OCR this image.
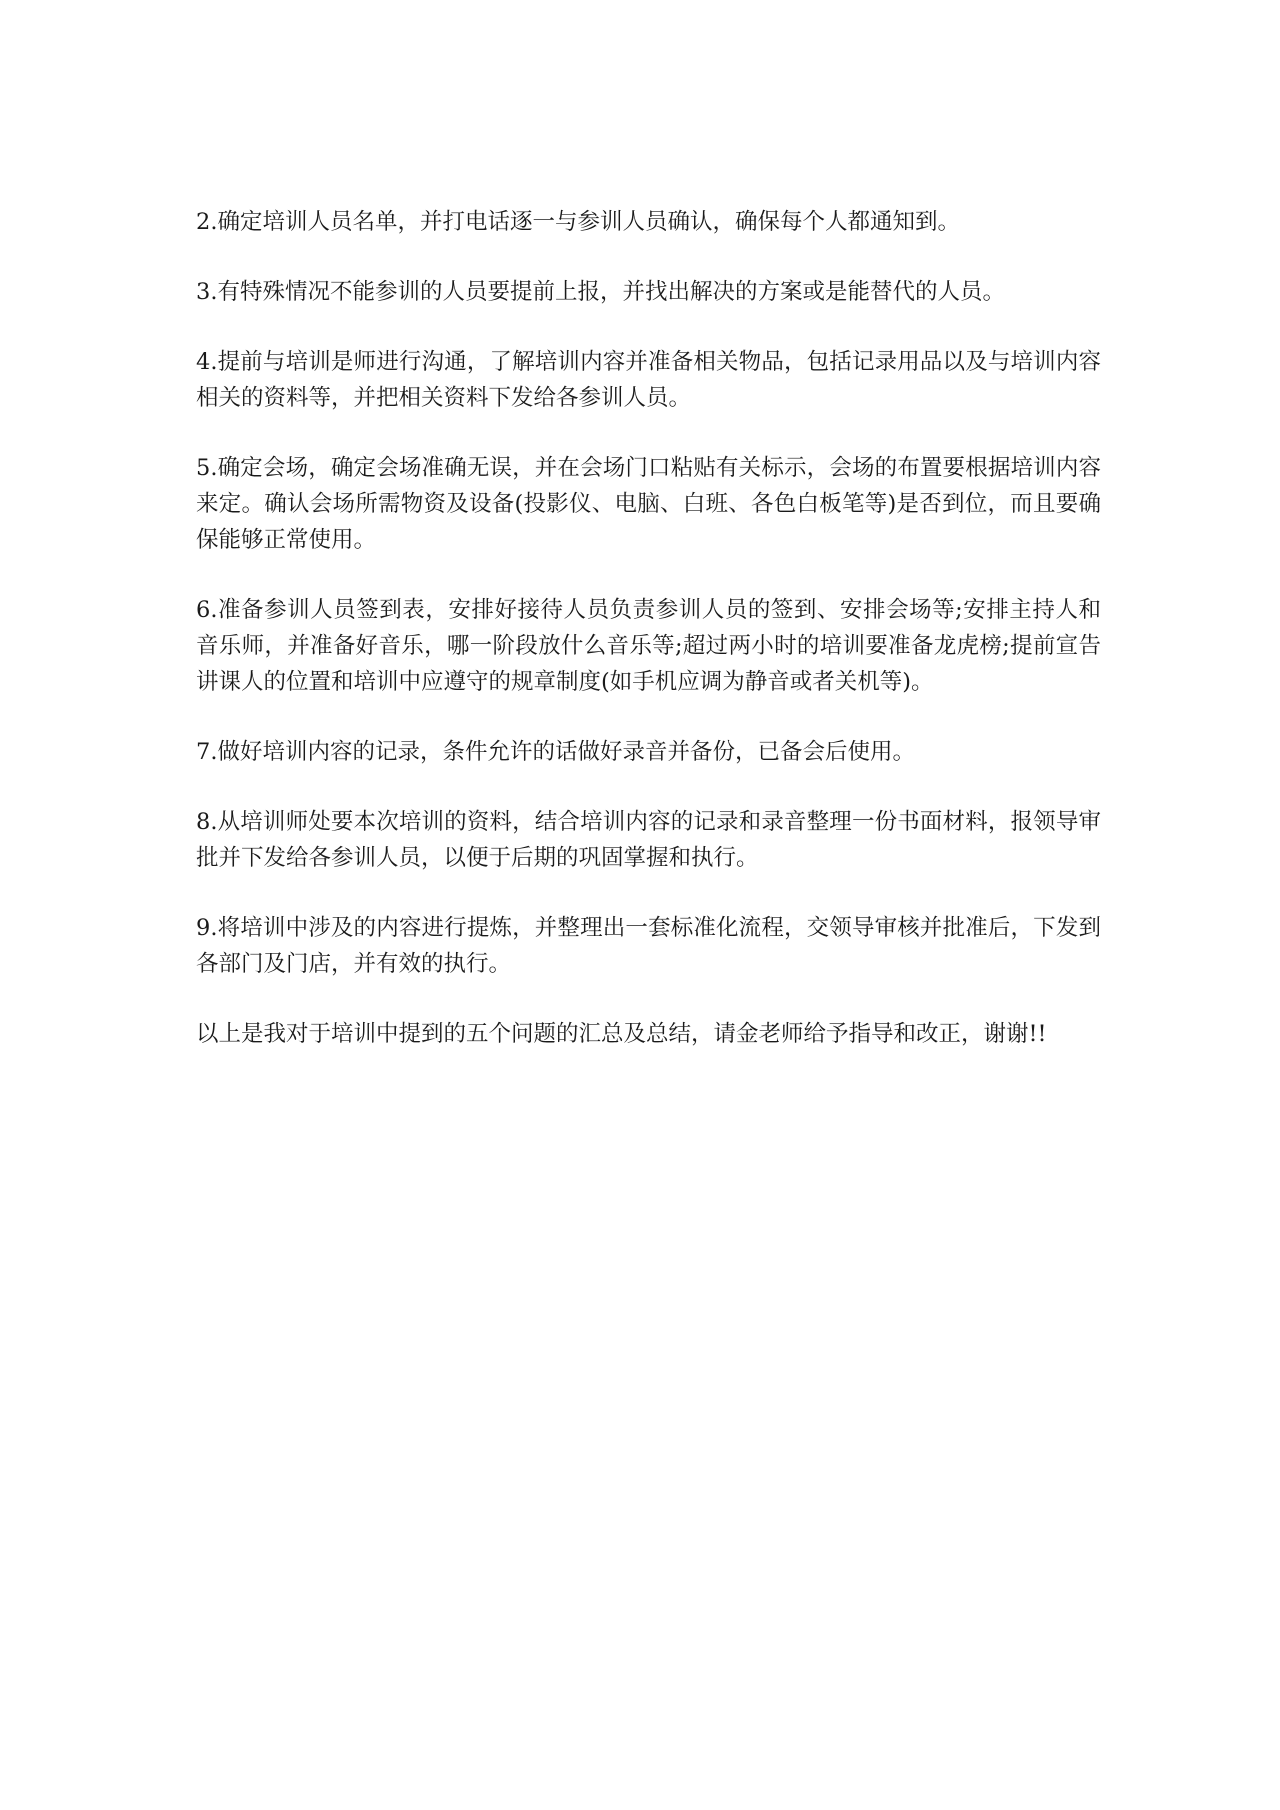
2.确定培训人员名单，并打电话逐一与参训人员确认，确保每个人都通知到。

3.有特殊情况不能参训的人员要提前上报，并找出解决的方案或是能替代的人员。

4.提前与培训是师进行沟通，了解培训内容并准备相关物品，包括记录用品以及与培训内容相关的资料等，并把相关资料下发给各参训人员。

5.确定会场，确定会场准确无误，并在会场门口粘贴有关标示，会场的布置要根据培训内容来定。确认会场所需物资及设备(投影仪、电脑、白班、各色白板笔等)是否到位，而且要确保能够正常使用。

6.准备参训人员签到表，安排好接待人员负责参训人员的签到、安排会场等;安排主持人和音乐师，并准备好音乐，哪一阶段放什么音乐等;超过两小时的培训要准备龙虎榜;提前宣告讲课人的位置和培训中应遵守的规章制度(如手机应调为静音或者关机等)。

7.做好培训内容的记录，条件允许的话做好录音并备份，已备会后使用。

8.从培训师处要本次培训的资料，结合培训内容的记录和录音整理一份书面材料，报领导审批并下发给各参训人员，以便于后期的巩固掌握和执行。

9.将培训中涉及的内容进行提炼，并整理出一套标准化流程，交领导审核并批准后，下发到各部门及门店，并有效的执行。

以上是我对于培训中提到的五个问题的汇总及总结，请金老师给予指导和改正，谢谢!!
